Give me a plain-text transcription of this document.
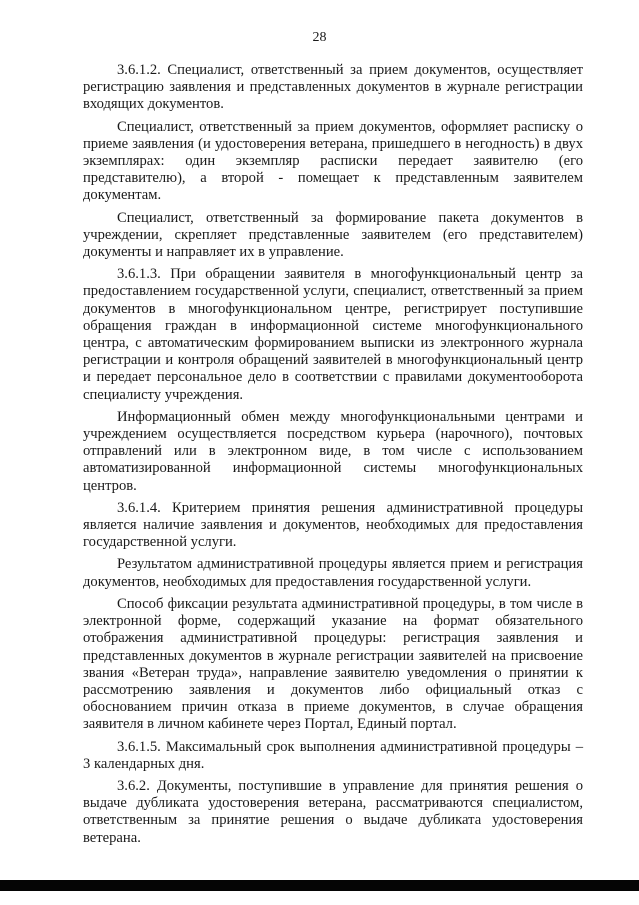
28

3.6.1.2. Специалист, ответственный за прием документов, осуществляет регистрацию заявления и представленных документов в журнале регистрации входящих документов.

Специалист, ответственный за прием документов, оформляет расписку о приеме заявления (и удостоверения ветерана, пришедшего в негодность) в двух экземплярах: один экземпляр расписки передает заявителю (его представителю), а второй - помещает к представленным заявителем документам.

Специалист, ответственный за формирование пакета документов в учреждении, скрепляет представленные заявителем (его представителем) документы и направляет их в управление.

3.6.1.3. При обращении заявителя в многофункциональный центр за предоставлением государственной услуги, специалист, ответственный за прием документов в многофункциональном центре, регистрирует поступившие обращения граждан в информационной системе многофункционального центра, с автоматическим формированием выписки из электронного журнала регистрации и контроля обращений заявителей в многофункциональный центр и передает персональное дело в соответствии с правилами документооборота специалисту учреждения.

Информационный обмен между многофункциональными центрами и учреждением осуществляется посредством курьера (нарочного), почтовых отправлений или в электронном виде, в том числе с использованием автоматизированной информационной системы многофункциональных центров.

3.6.1.4. Критерием принятия решения административной процедуры является наличие заявления и документов, необходимых для предоставления государственной услуги.

Результатом административной процедуры является прием и регистрация документов, необходимых для предоставления государственной услуги.

Способ фиксации результата административной процедуры, в том числе в электронной форме, содержащий указание на формат обязательного отображения административной процедуры: регистрация заявления и представленных документов в журнале регистрации заявителей на присвоение звания «Ветеран труда», направление заявителю уведомления о принятии к рассмотрению заявления и документов либо официальный отказ с обоснованием причин отказа в приеме документов, в случае обращения заявителя в личном кабинете через Портал, Единый портал.

3.6.1.5. Максимальный срок выполнения административной процедуры – 3 календарных дня.

3.6.2. Документы, поступившие в управление для принятия решения о выдаче дубликата удостоверения ветерана, рассматриваются специалистом, ответственным за принятие решения о выдаче дубликата удостоверения ветерана.
